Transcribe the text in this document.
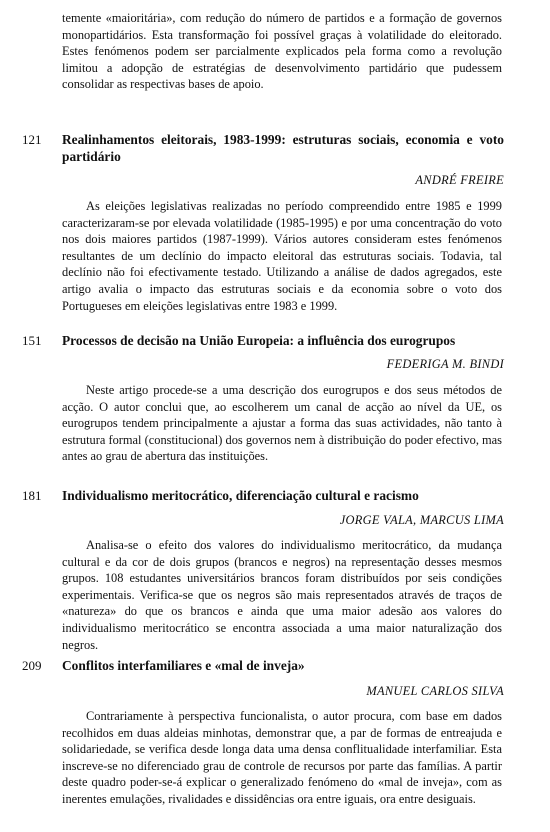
temente «maioritária», com redução do número de partidos e a formação de governos monopartidários. Esta transformação foi possível graças à volatilidade do eleitorado. Estes fenómenos podem ser parcialmente explicados pela forma como a revolução limitou a adopção de estratégias de desenvolvimento partidário que pudessem consolidar as respectivas bases de apoio.

121 Realinhamentos eleitorais, 1983-1999: estruturas sociais, economia e voto partidário

ANDRÉ FREIRE

As eleições legislativas realizadas no período compreendido entre 1985 e 1999 caracterizaram-se por elevada volatilidade (1985-1995) e por uma concentração do voto nos dois maiores partidos (1987-1999). Vários autores consideram estes fenómenos resultantes de um declínio do impacto eleitoral das estruturas sociais. Todavia, tal declínio não foi efectivamente testado. Utilizando a análise de dados agregados, este artigo avalia o impacto das estruturas sociais e da economia sobre o voto dos Portugueses em eleições legislativas entre 1983 e 1999.

151 Processos de decisão na União Europeia: a influência dos eurogrupos

FEDERIGA M. BINDI

Neste artigo procede-se a uma descrição dos eurogrupos e dos seus métodos de acção. O autor conclui que, ao escolherem um canal de acção ao nível da UE, os eurogrupos tendem principalmente a ajustar a forma das suas actividades, não tanto à estrutura formal (constitucional) dos governos nem à distribuição do poder efectivo, mas antes ao grau de abertura das instituições.

181 Individualismo meritocrático, diferenciação cultural e racismo

JORGE VALA, MARCUS LIMA

Analisa-se o efeito dos valores do individualismo meritocrático, da mudança cultural e da cor de dois grupos (brancos e negros) na representação desses mesmos grupos. 108 estudantes universitários brancos foram distribuídos por seis condições experimentais. Verifica-se que os negros são mais representados através de traços de «natureza» do que os brancos e ainda que uma maior adesão aos valores do individualismo meritocrático se encontra associada a uma maior naturalização dos negros.

209 Conflitos interfamiliares e «mal de inveja»

MANUEL CARLOS SILVA

Contrariamente à perspectiva funcionalista, o autor procura, com base em dados recolhidos em duas aldeias minhotas, demonstrar que, a par de formas de entreajuda e solidariedade, se verifica desde longa data uma densa conflitualidade interfamiliar. Esta inscreve-se no diferenciado grau de controle de recursos por parte das famílias. A partir deste quadro poder-se-á explicar o generalizado fenómeno do «mal de inveja», com as inerentes emulações, rivalidades e dissidências ora entre iguais, ora entre desiguais.
